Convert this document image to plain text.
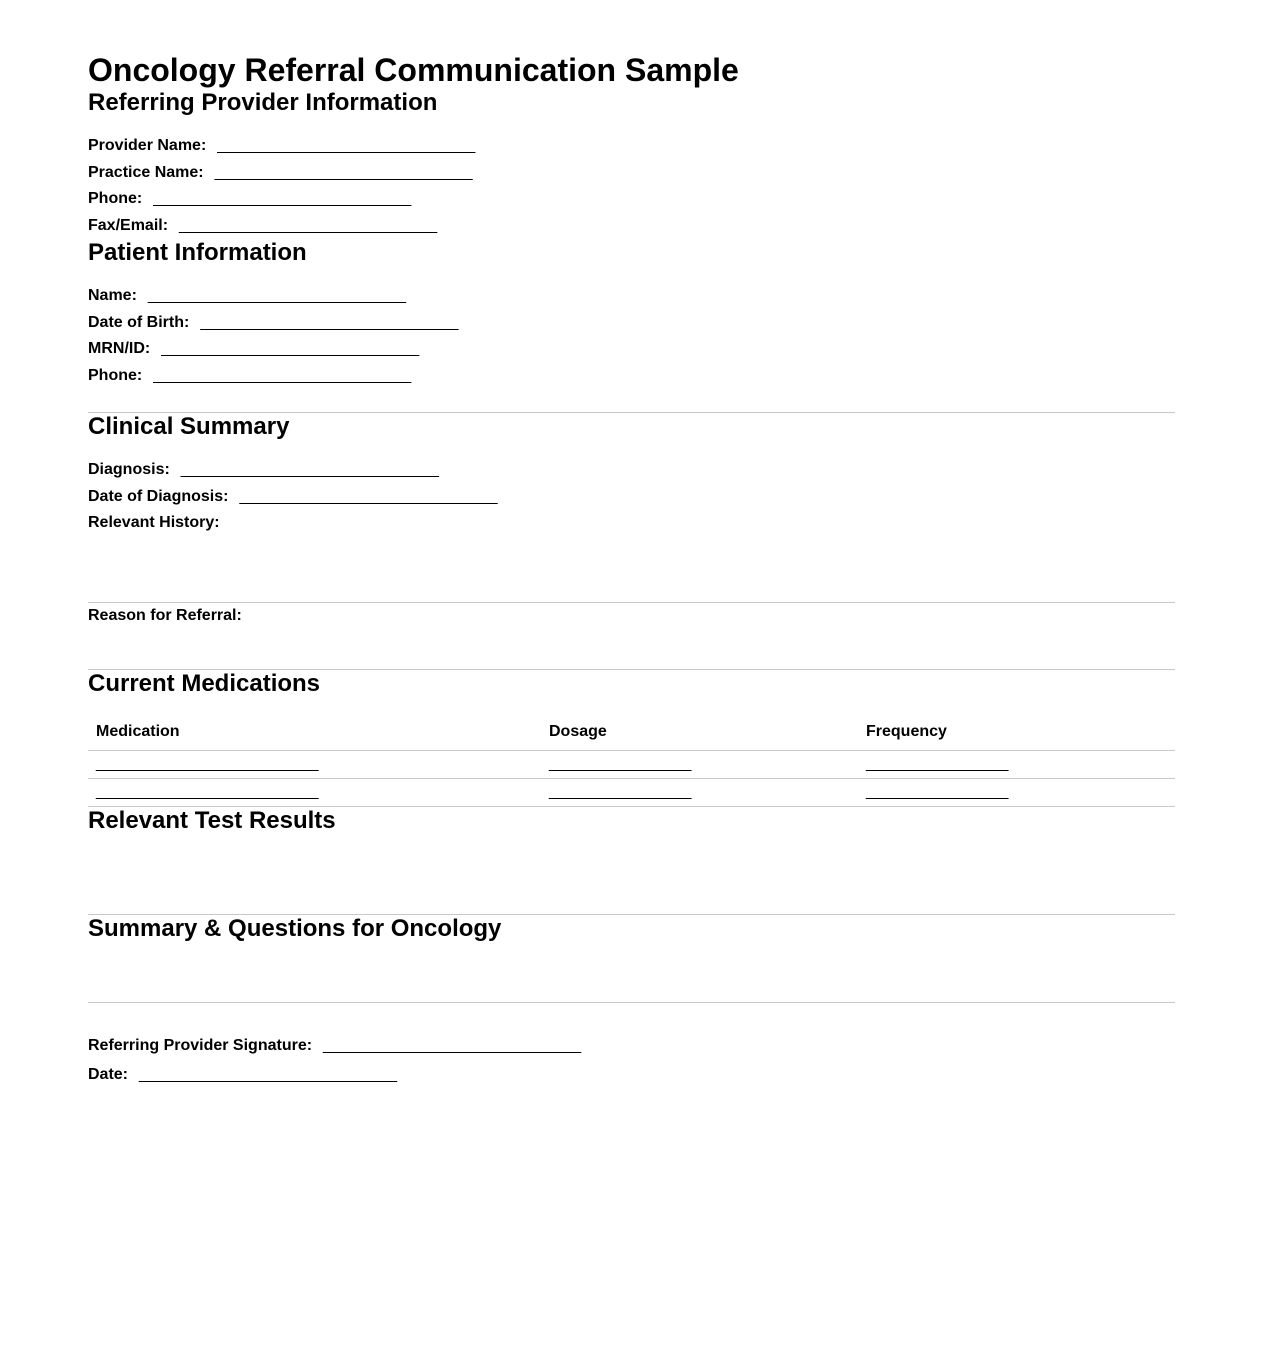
Oncology Referral Communication Sample
Referring Provider Information

Provider Name: _____________________________

Practice Name: _____________________________

Phone: _____________________________

Fax/Email: _____________________________

Patient Information

Name: _____________________________

Date of Birth: _____________________________

MRN/ID: _____________________________

Phone: _____________________________

Clinical Summary

Diagnosis: _____________________________

Date of Diagnosis: _____________________________

Relevant History:

Reason for Referral:

Current Medications
Medication	Dosage	Frequency
_________________________	________________	________________
_________________________	________________	________________
Relevant Test Results
Summary & Questions for Oncology

Referring Provider Signature: _____________________________

Date: _____________________________
